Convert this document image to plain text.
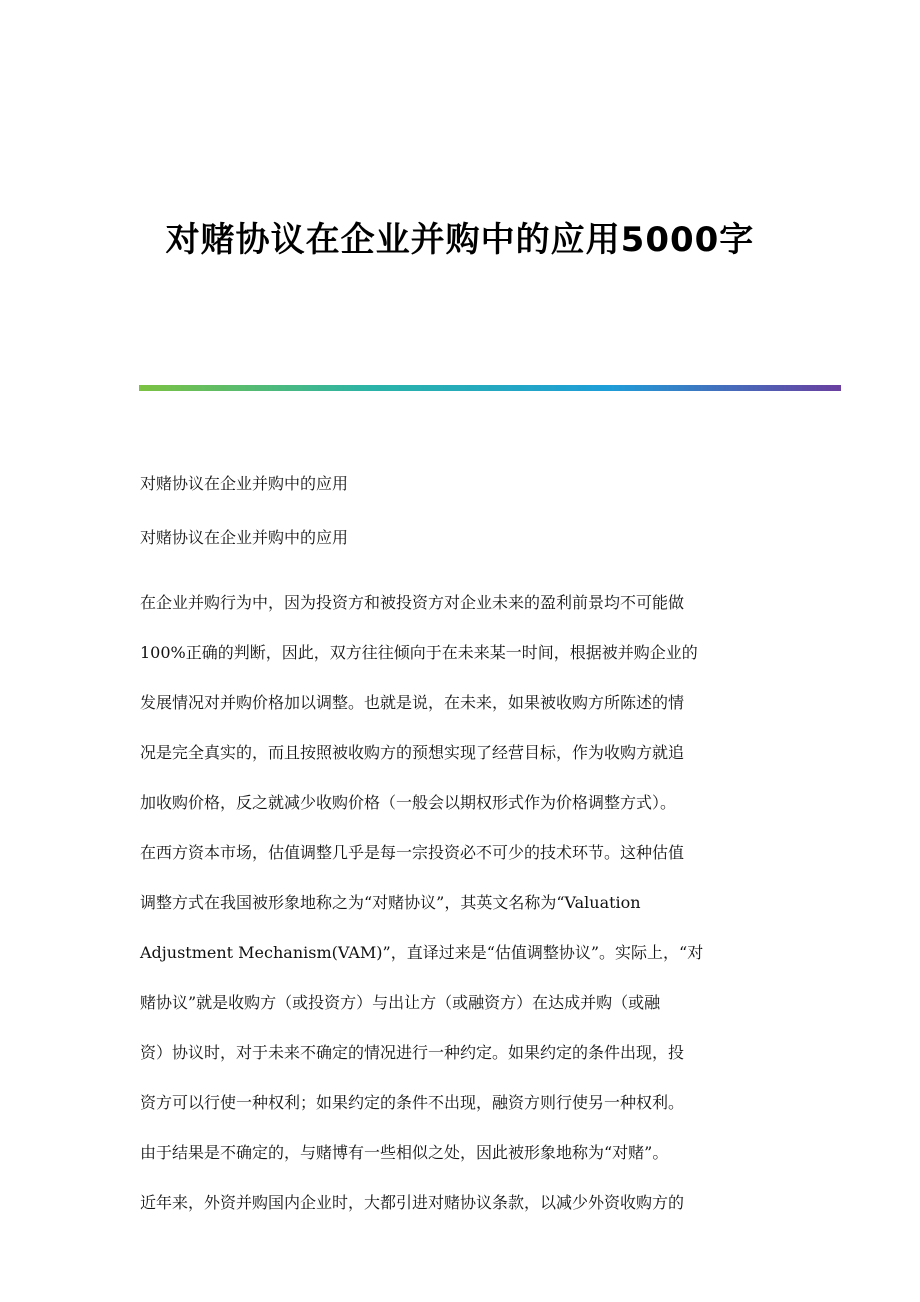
对赌协议在企业并购中的应用5000字

对赌协议在企业并购中的应用

对赌协议在企业并购中的应用

在企业并购行为中，因为投资方和被投资方对企业未来的盈利前景均不可能做
100%正确的判断，因此，双方往往倾向于在未来某一时间，根据被并购企业的
发展情况对并购价格加以调整。也就是说，在未来，如果被收购方所陈述的情
况是完全真实的，而且按照被收购方的预想实现了经营目标，作为收购方就追
加收购价格，反之就减少收购价格（一般会以期权形式作为价格调整方式）。
在西方资本市场，估值调整几乎是每一宗投资必不可少的技术环节。这种估值
调整方式在我国被形象地称之为“对赌协议”，其英文名称为“Valuation
Adjustment Mechanism(VAM)”，直译过来是“估值调整协议”。实际上，“对
赌协议”就是收购方（或投资方）与出让方（或融资方）在达成并购（或融
资）协议时，对于未来不确定的情况进行一种约定。如果约定的条件出现，投
资方可以行使一种权利；如果约定的条件不出现，融资方则行使另一种权利。
由于结果是不确定的，与赌博有一些相似之处，因此被形象地称为“对赌”。
近年来，外资并购国内企业时，大都引进对赌协议条款，以减少外资收购方的
